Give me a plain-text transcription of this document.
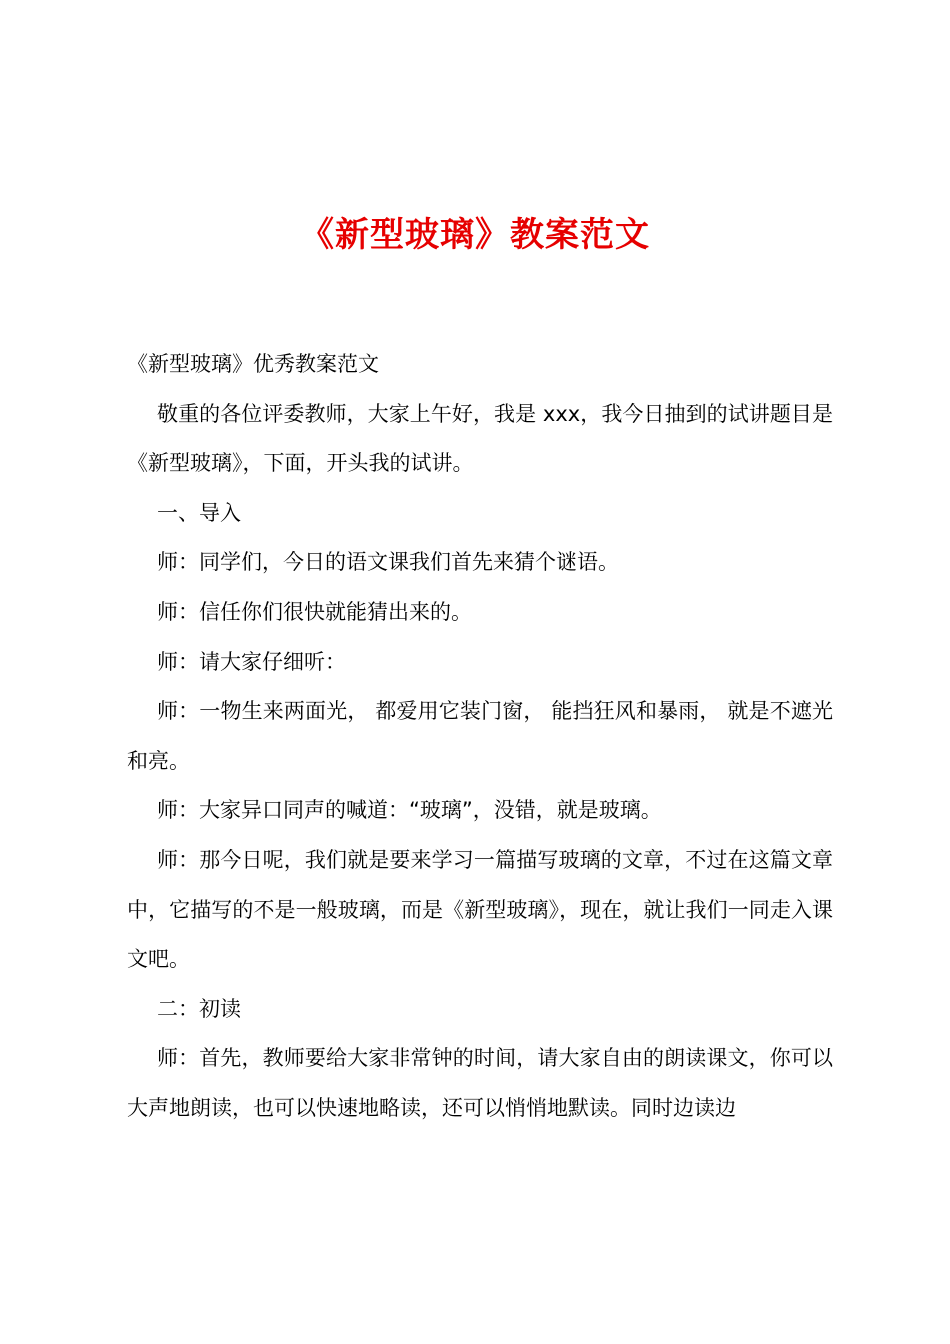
《新型玻璃》教案范文

《新型玻璃》优秀教案范文

敬重的各位评委教师，大家上午好，我是 xxx，我今日抽到的试讲题目是《新型玻璃》，下面，开头我的试讲。

一、导入

师：同学们，今日的语文课我们首先来猜个谜语。

师：信任你们很快就能猜出来的。

师：请大家仔细听：

师：一物生来两面光， 都爱用它装门窗， 能挡狂风和暴雨， 就是不遮光和亮。

师：大家异口同声的喊道：“玻璃”，没错，就是玻璃。

师：那今日呢，我们就是要来学习一篇描写玻璃的文章，不过在这篇文章中，它描写的不是一般玻璃，而是《新型玻璃》，现在，就让我们一同走入课文吧。

二：初读

师：首先，教师要给大家非常钟的时间，请大家自由的朗读课文，你可以大声地朗读，也可以快速地略读，还可以悄悄地默读。同时边读边
